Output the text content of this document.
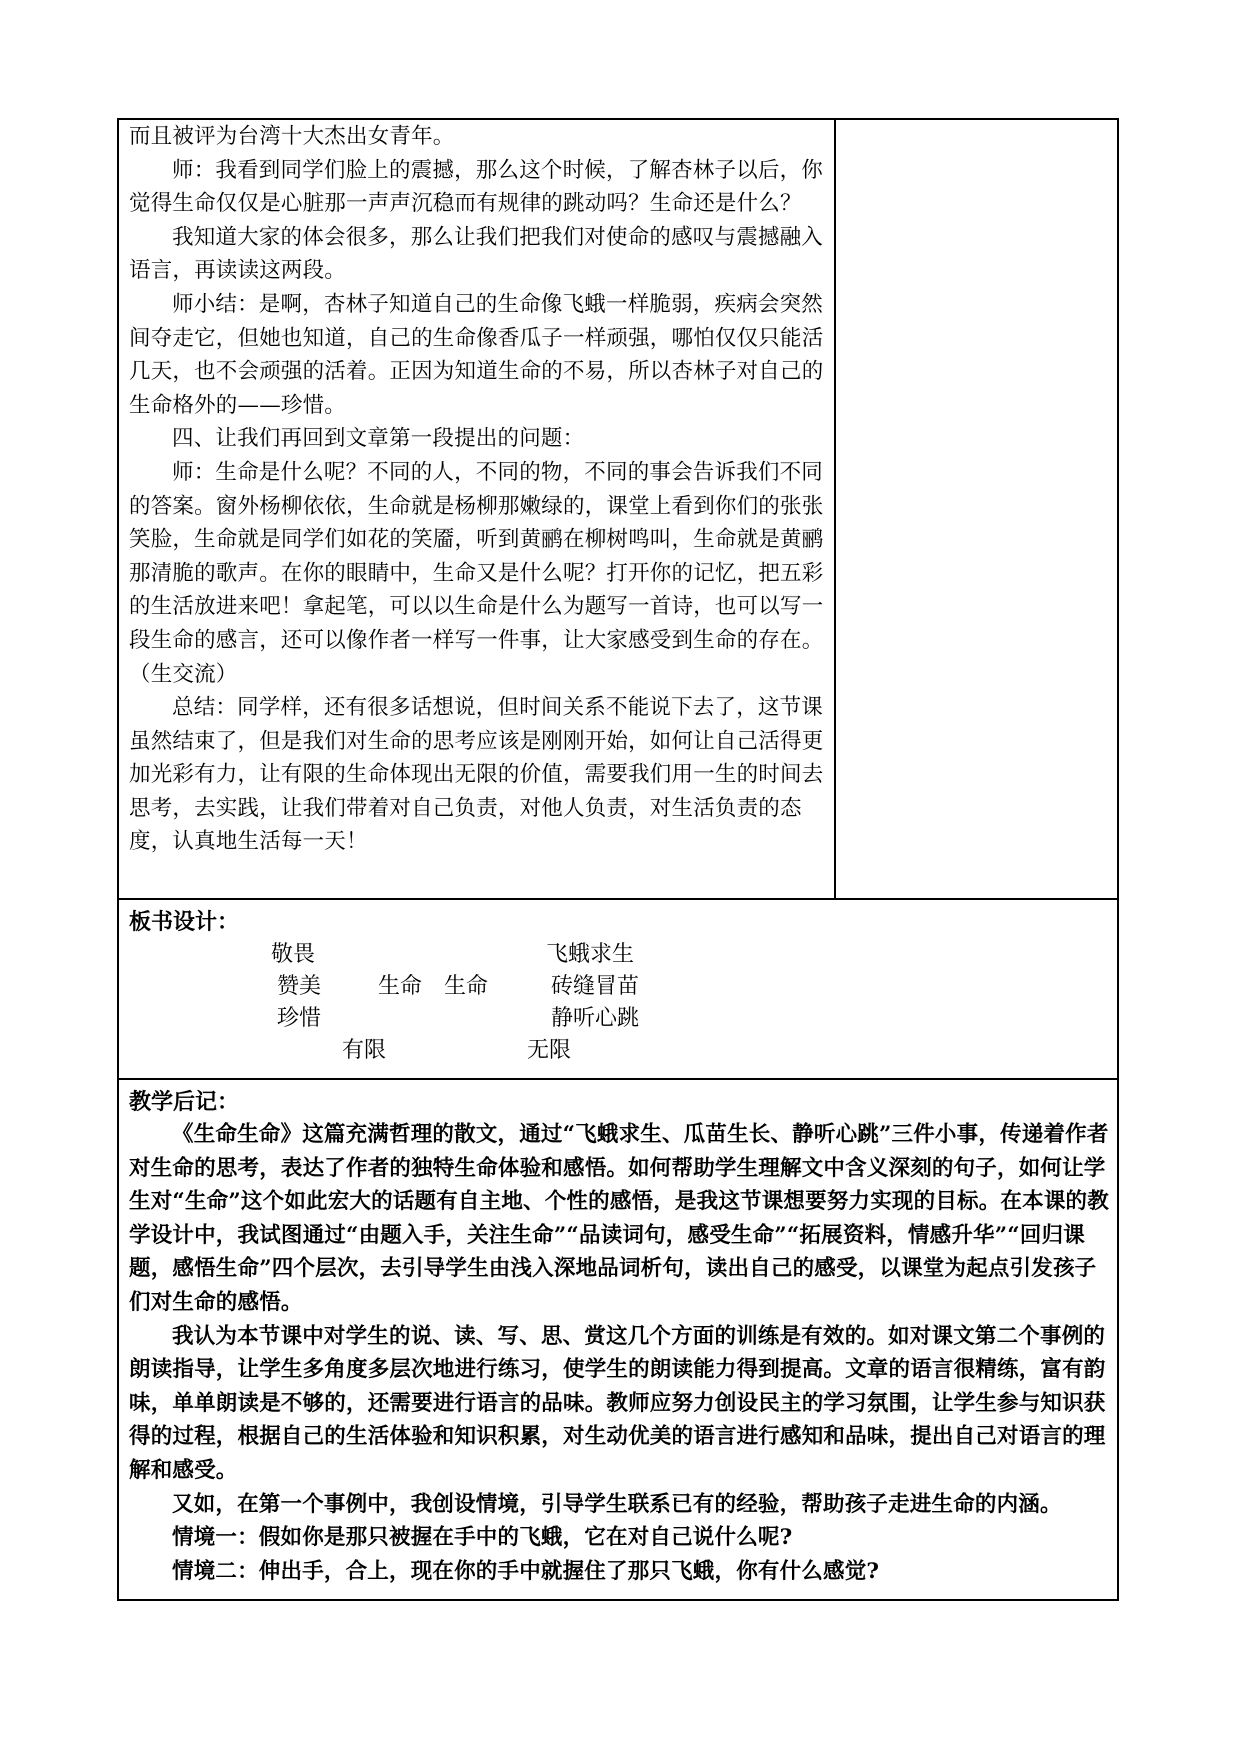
而且被评为台湾十大杰出女青年。

师：我看到同学们脸上的震撼，那么这个时候，了解杏林子以后，你觉得生命仅仅是心脏那一声声沉稳而有规律的跳动吗？生命还是什么？

我知道大家的体会很多，那么让我们把我们对使命的感叹与震撼融入语言，再读读这两段。

师小结：是啊，杏林子知道自己的生命像飞蛾一样脆弱，疾病会突然间夺走它，但她也知道，自己的生命像香瓜子一样顽强，哪怕仅仅只能活几天，也不会顽强的活着。正因为知道生命的不易，所以杏林子对自己的生命格外的——珍惜。

四、让我们再回到文章第一段提出的问题：

师：生命是什么呢？不同的人，不同的物，不同的事会告诉我们不同的答案。窗外杨柳依依，生命就是杨柳那嫩绿的，课堂上看到你们的张张笑脸，生命就是同学们如花的笑靥，听到黄鹂在柳树鸣叫，生命就是黄鹂那清脆的歌声。在你的眼睛中，生命又是什么呢？打开你的记忆，把五彩的生活放进来吧！拿起笔，可以以生命是什么为题写一首诗，也可以写一段生命的感言，还可以像作者一样写一件事，让大家感受到生命的存在。（生交流）

总结：同学样，还有很多话想说，但时间关系不能说下去了，这节课虽然结束了，但是我们对生命的思考应该是刚刚开始，如何让自己活得更加光彩有力，让有限的生命体现出无限的价值，需要我们用一生的时间去思考，去实践，让我们带着对自己负责，对他人负责，对生活负责的态度，认真地生活每一天！

板书设计：

敬畏
赞美
珍惜
生命 生命
飞蛾求生
砖缝冒苗
静听心跳
有限	无限

教学后记：

《生命生命》这篇充满哲理的散文，通过“飞蛾求生、瓜苗生长、静听心跳”三件小事，传递着作者对生命的思考，表达了作者的独特生命体验和感悟。如何帮助学生理解文中含义深刻的句子，如何让学生对“生命”这个如此宏大的话题有自主地、个性的感悟，是我这节课想要努力实现的目标。在本课的教学设计中，我试图通过“由题入手，关注生命”“品读词句，感受生命”“拓展资料，情感升华”“回归课题，感悟生命”四个层次，去引导学生由浅入深地品词析句，读出自己的感受，以课堂为起点引发孩子们对生命的感悟。

我认为本节课中对学生的说、读、写、思、赏这几个方面的训练是有效的。如对课文第二个事例的朗读指导，让学生多角度多层次地进行练习，使学生的朗读能力得到提高。文章的语言很精练，富有韵味，单单朗读是不够的，还需要进行语言的品味。教师应努力创设民主的学习氛围，让学生参与知识获得的过程，根据自己的生活体验和知识积累，对生动优美的语言进行感知和品味，提出自己对语言的理解和感受。

又如，在第一个事例中，我创设情境，引导学生联系已有的经验，帮助孩子走进生命的内涵。

情境一：假如你是那只被握在手中的飞蛾，它在对自己说什么呢?

情境二：伸出手，合上，现在你的手中就握住了那只飞蛾，你有什么感觉?
